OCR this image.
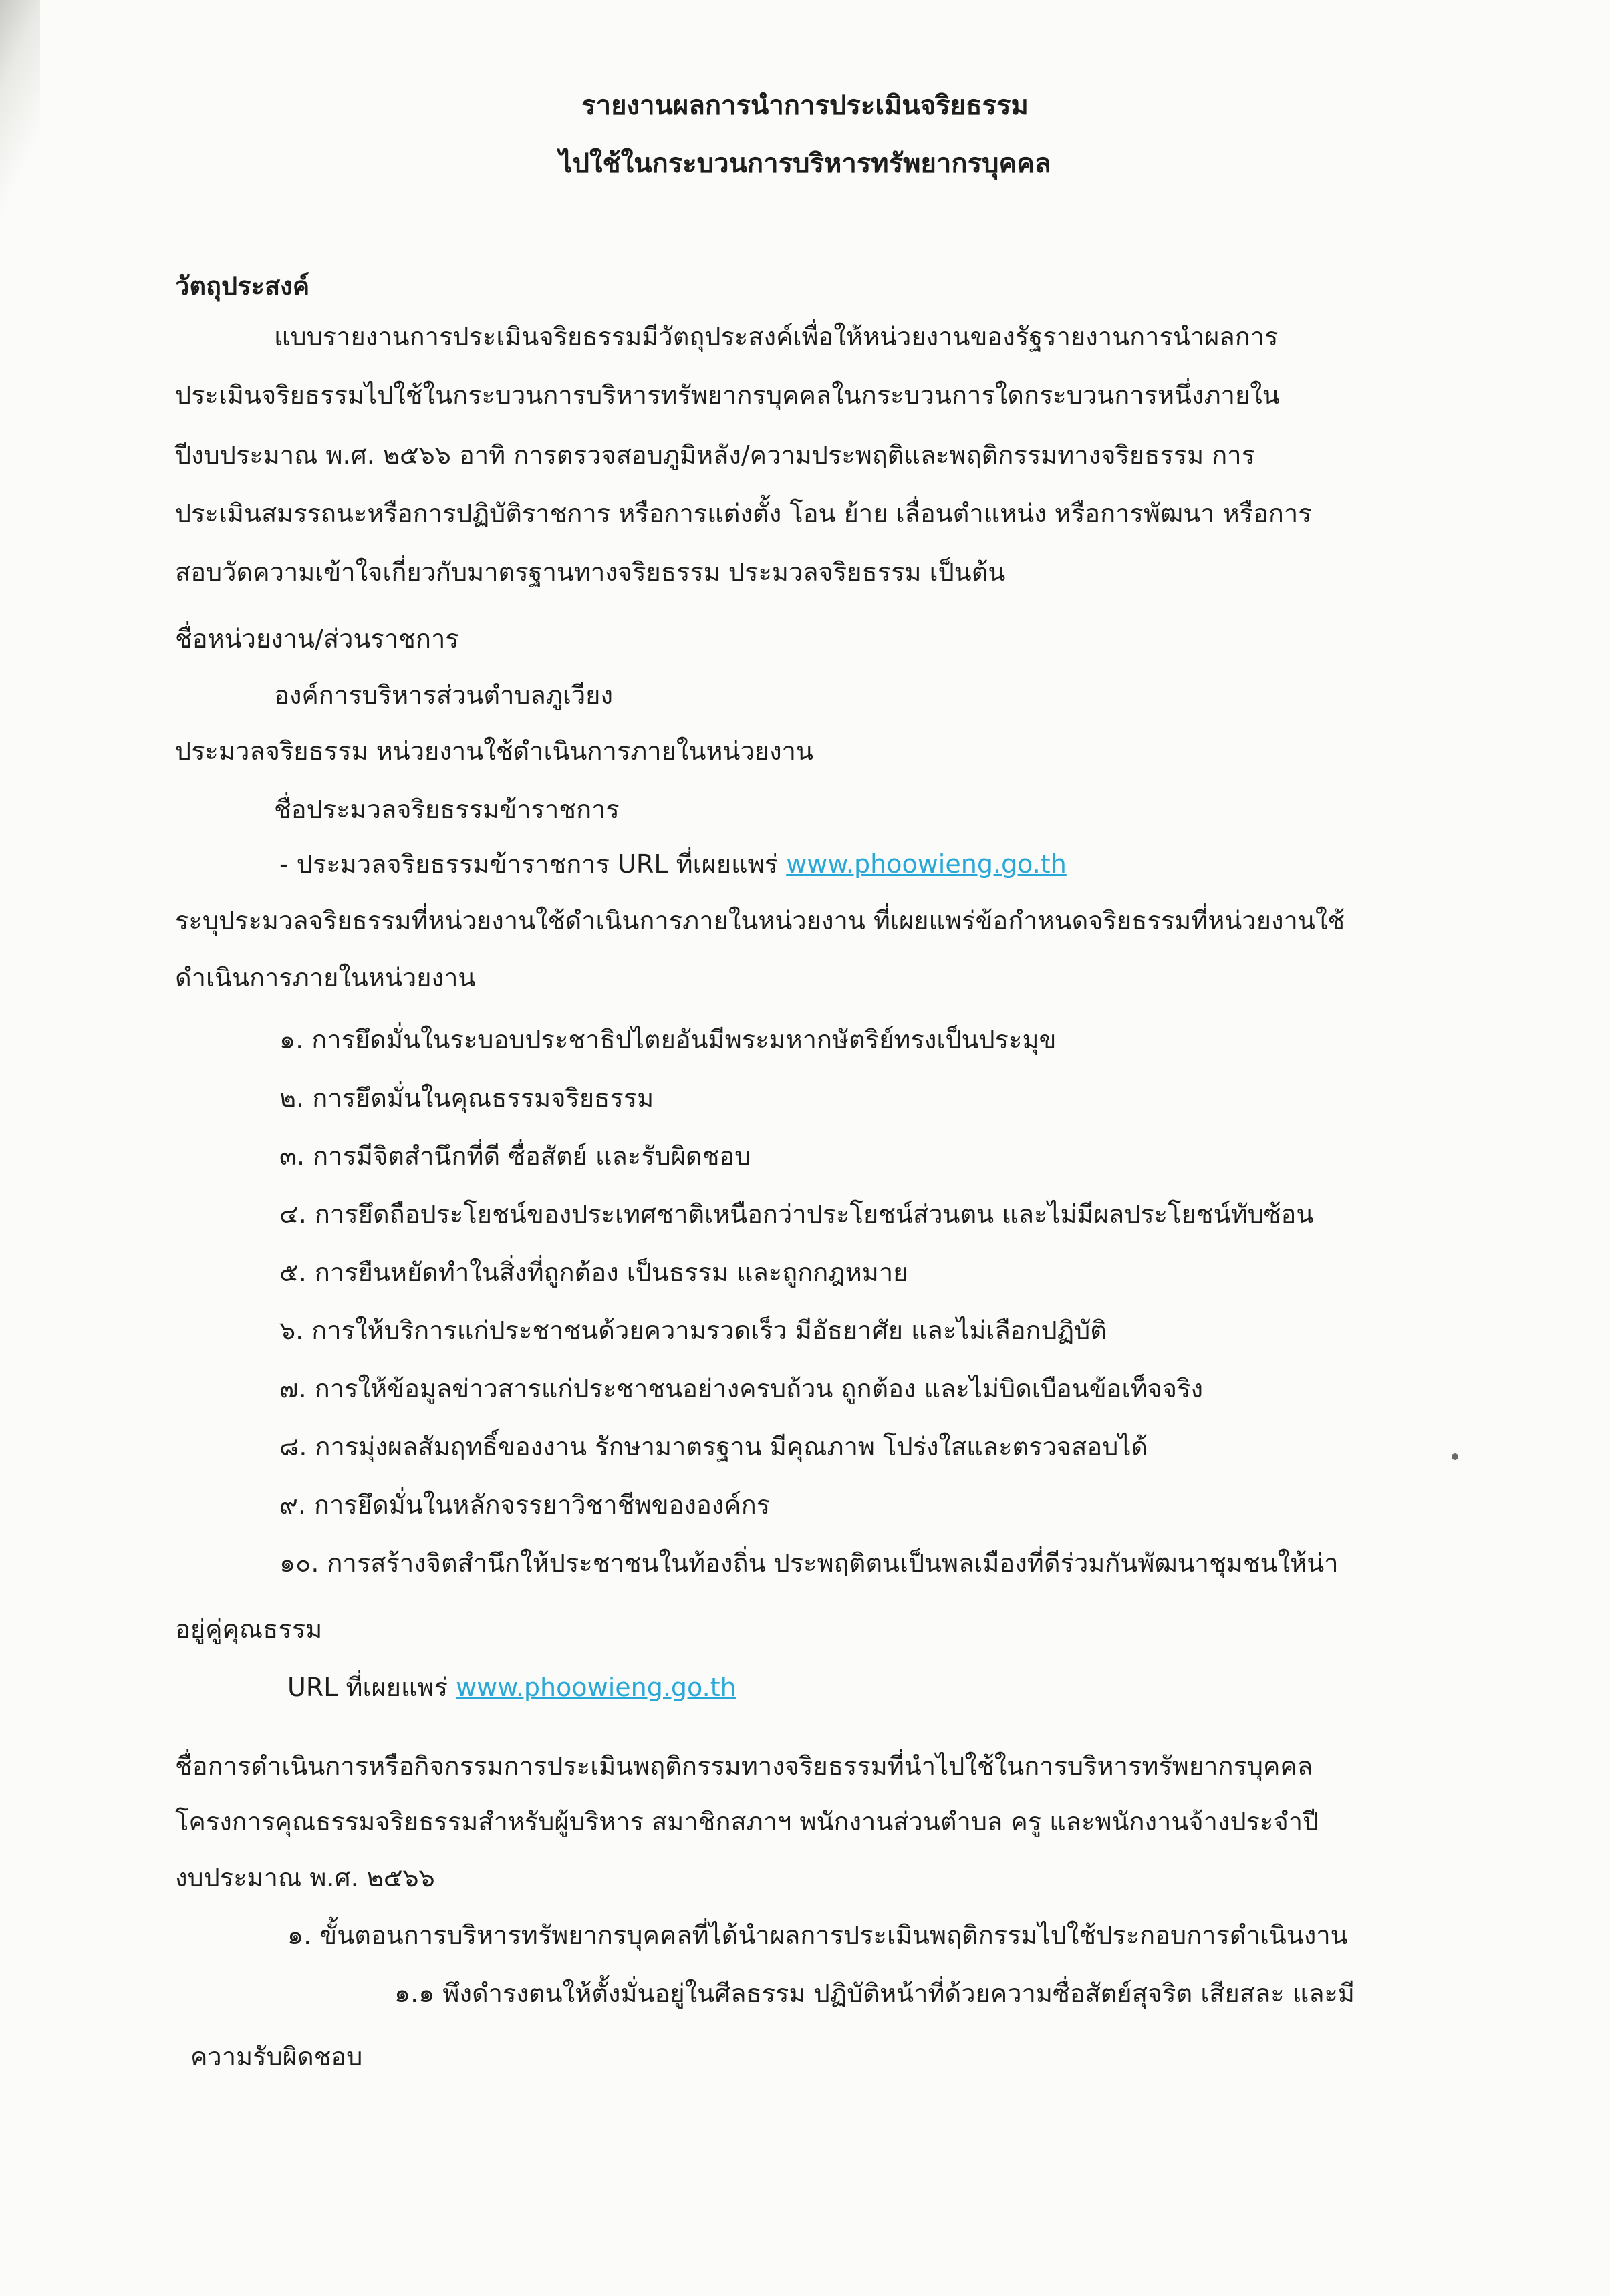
รายงานผลการนำการประเมินจริยธรรม
ไปใช้ในกระบวนการบริหารทรัพยากรบุคคล
วัตถุประสงค์
แบบรายงานการประเมินจริยธรรมมีวัตถุประสงค์เพื่อให้หน่วยงานของรัฐรายงานการนำผลการ
ประเมินจริยธรรมไปใช้ในกระบวนการบริหารทรัพยากรบุคคลในกระบวนการใดกระบวนการหนึ่งภายใน
ปีงบประมาณ พ.ศ. ๒๕๖๖ อาทิ การตรวจสอบภูมิหลัง/ความประพฤติและพฤติกรรมทางจริยธรรม การ
ประเมินสมรรถนะหรือการปฏิบัติราชการ หรือการแต่งตั้ง โอน ย้าย เลื่อนตำแหน่ง หรือการพัฒนา หรือการ
สอบวัดความเข้าใจเกี่ยวกับมาตรฐานทางจริยธรรม ประมวลจริยธรรม เป็นต้น
ชื่อหน่วยงาน/ส่วนราชการ
องค์การบริหารส่วนตำบลภูเวียง
ประมวลจริยธรรม หน่วยงานใช้ดำเนินการภายในหน่วยงาน
ชื่อประมวลจริยธรรมข้าราชการ
- ประมวลจริยธรรมข้าราชการ URL ที่เผยแพร่ www.phoowieng.go.th
ระบุประมวลจริยธรรมที่หน่วยงานใช้ดำเนินการภายในหน่วยงาน ที่เผยแพร่ข้อกำหนดจริยธรรมที่หน่วยงานใช้
ดำเนินการภายในหน่วยงาน
๑. การยึดมั่นในระบอบประชาธิปไตยอันมีพระมหากษัตริย์ทรงเป็นประมุข
๒. การยึดมั่นในคุณธรรมจริยธรรม
๓. การมีจิตสำนึกที่ดี ซื่อสัตย์ และรับผิดชอบ
๔. การยึดถือประโยชน์ของประเทศชาติเหนือกว่าประโยชน์ส่วนตน และไม่มีผลประโยชน์ทับซ้อน
๕. การยืนหยัดทำในสิ่งที่ถูกต้อง เป็นธรรม และถูกกฎหมาย
๖. การให้บริการแก่ประชาชนด้วยความรวดเร็ว มีอัธยาศัย และไม่เลือกปฏิบัติ
๗. การให้ข้อมูลข่าวสารแก่ประชาชนอย่างครบถ้วน ถูกต้อง และไม่บิดเบือนข้อเท็จจริง
๘. การมุ่งผลสัมฤทธิ์ของงาน รักษามาตรฐาน มีคุณภาพ โปร่งใสและตรวจสอบได้
๙. การยึดมั่นในหลักจรรยาวิชาชีพขององค์กร
๑๐. การสร้างจิตสำนึกให้ประชาชนในท้องถิ่น ประพฤติตนเป็นพลเมืองที่ดีร่วมกันพัฒนาชุมชนให้น่า
อยู่คู่คุณธรรม
URL ที่เผยแพร่ www.phoowieng.go.th
ชื่อการดำเนินการหรือกิจกรรมการประเมินพฤติกรรมทางจริยธรรมที่นำไปใช้ในการบริหารทรัพยากรบุคคล
โครงการคุณธรรมจริยธรรมสำหรับผู้บริหาร สมาชิกสภาฯ พนักงานส่วนตำบล ครู และพนักงานจ้างประจำปี
งบประมาณ พ.ศ. ๒๕๖๖
๑. ขั้นตอนการบริหารทรัพยากรบุคคลที่ได้นำผลการประเมินพฤติกรรมไปใช้ประกอบการดำเนินงาน
๑.๑ พึงดำรงตนให้ตั้งมั่นอยู่ในศีลธรรม ปฏิบัติหน้าที่ด้วยความซื่อสัตย์สุจริต เสียสละ และมี
ความรับผิดชอบ
